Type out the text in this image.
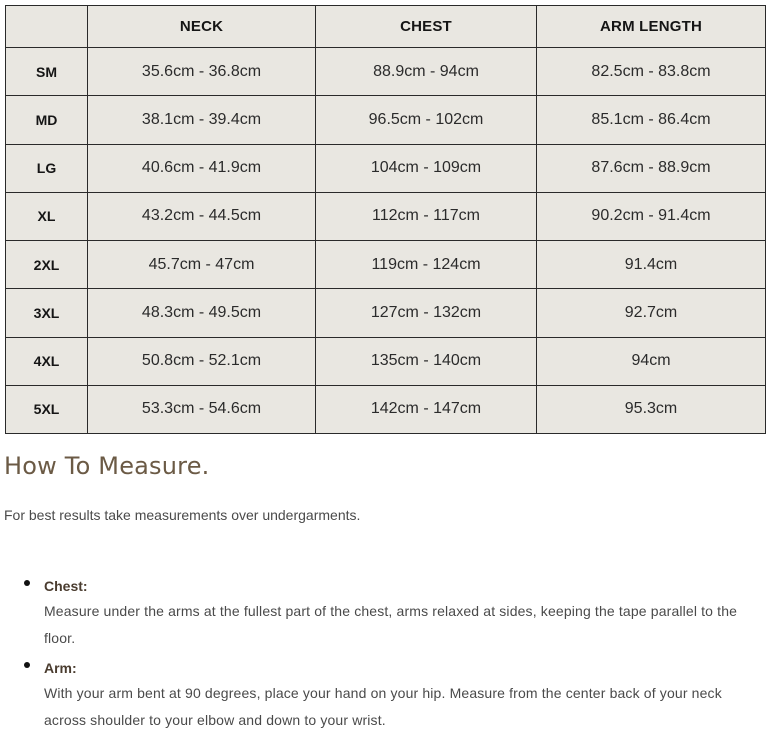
	NECK	CHEST	ARM LENGTH
SM	35.6cm - 36.8cm	88.9cm - 94cm	82.5cm - 83.8cm
MD	38.1cm - 39.4cm	96.5cm - 102cm	85.1cm - 86.4cm
LG	40.6cm - 41.9cm	104cm - 109cm	87.6cm - 88.9cm
XL	43.2cm - 44.5cm	112cm - 117cm	90.2cm - 91.4cm
2XL	45.7cm - 47cm	119cm - 124cm	91.4cm
3XL	48.3cm - 49.5cm	127cm - 132cm	92.7cm
4XL	50.8cm - 52.1cm	135cm - 140cm	94cm
5XL	53.3cm - 54.6cm	142cm - 147cm	95.3cm
How To Measure.

For best results take measurements over undergarments.

Chest:
Measure under the arms at the fullest part of the chest, arms relaxed at sides, keeping the tape parallel to the floor.
Arm:
With your arm bent at 90 degrees, place your hand on your hip. Measure from the center back of your neck across shoulder to your elbow and down to your wrist.
